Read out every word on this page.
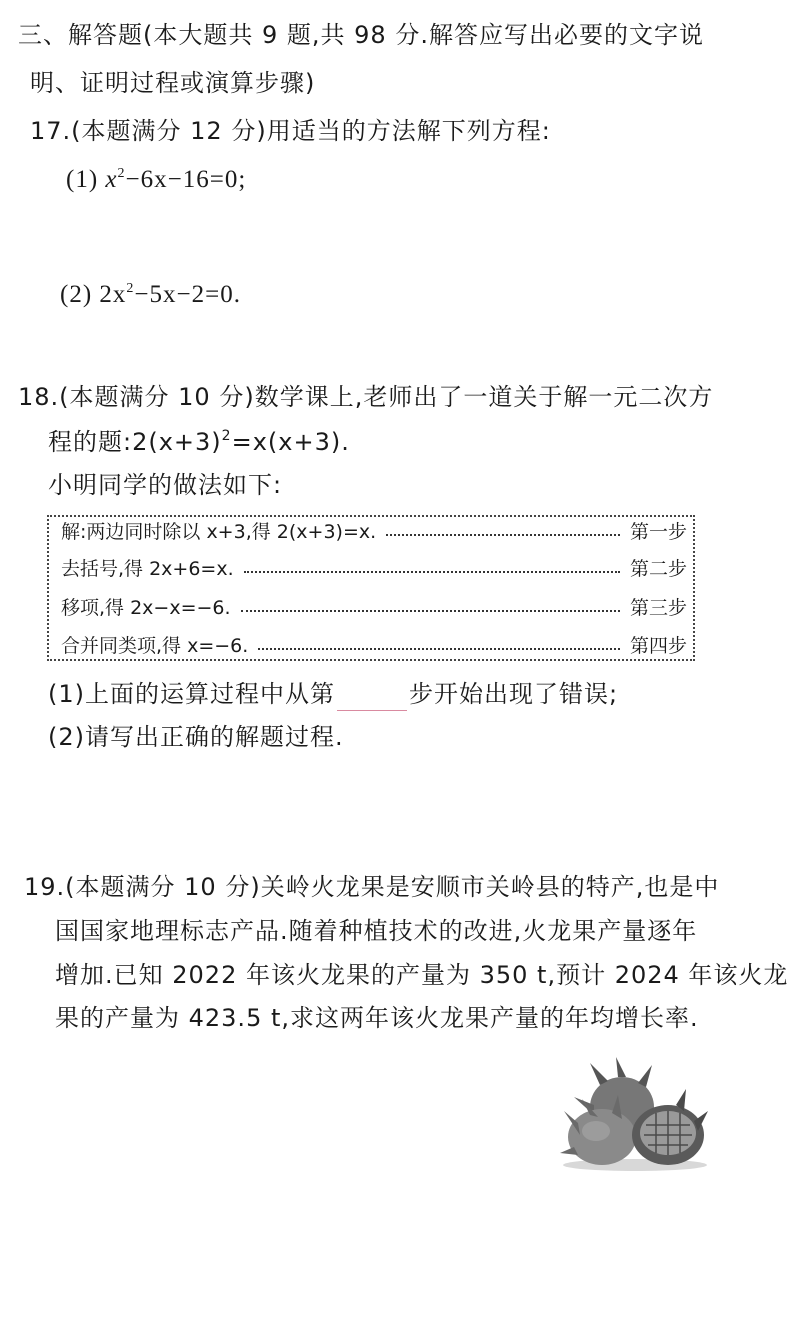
三、解答题(本大题共 9 题,共 98 分.解答应写出必要的文字说
明、证明过程或演算步骤)
17.(本题满分 12 分)用适当的方法解下列方程:
(1) $x^2-6x-16=0$;
(2) $2x^2-5x-2=0$.
18.(本题满分 10 分)数学课上,老师出了一道关于解一元二次方
程的题$:2(x+3)^2=x(x+3)$.
小明同学的做法如下:
解:两边同时除以 x+3,得 2(x+3)=x.	第一步
去括号,得 2x+6=x.	第二步
移项,得 2x−x=−6.	第三步
合并同类项,得 x=−6.	第四步
(1)上面的运算过程中从第	步开始出现了错误;
(2)请写出正确的解题过程.
19.(本题满分 10 分)关岭火龙果是安顺市关岭县的特产,也是中
国国家地理标志产品.随着种植技术的改进,火龙果产量逐年
增加.已知 2022 年该火龙果的产量为 350 t,预计 2024 年该火龙
果的产量为 423.5 t,求这两年该火龙果产量的年均增长率.
